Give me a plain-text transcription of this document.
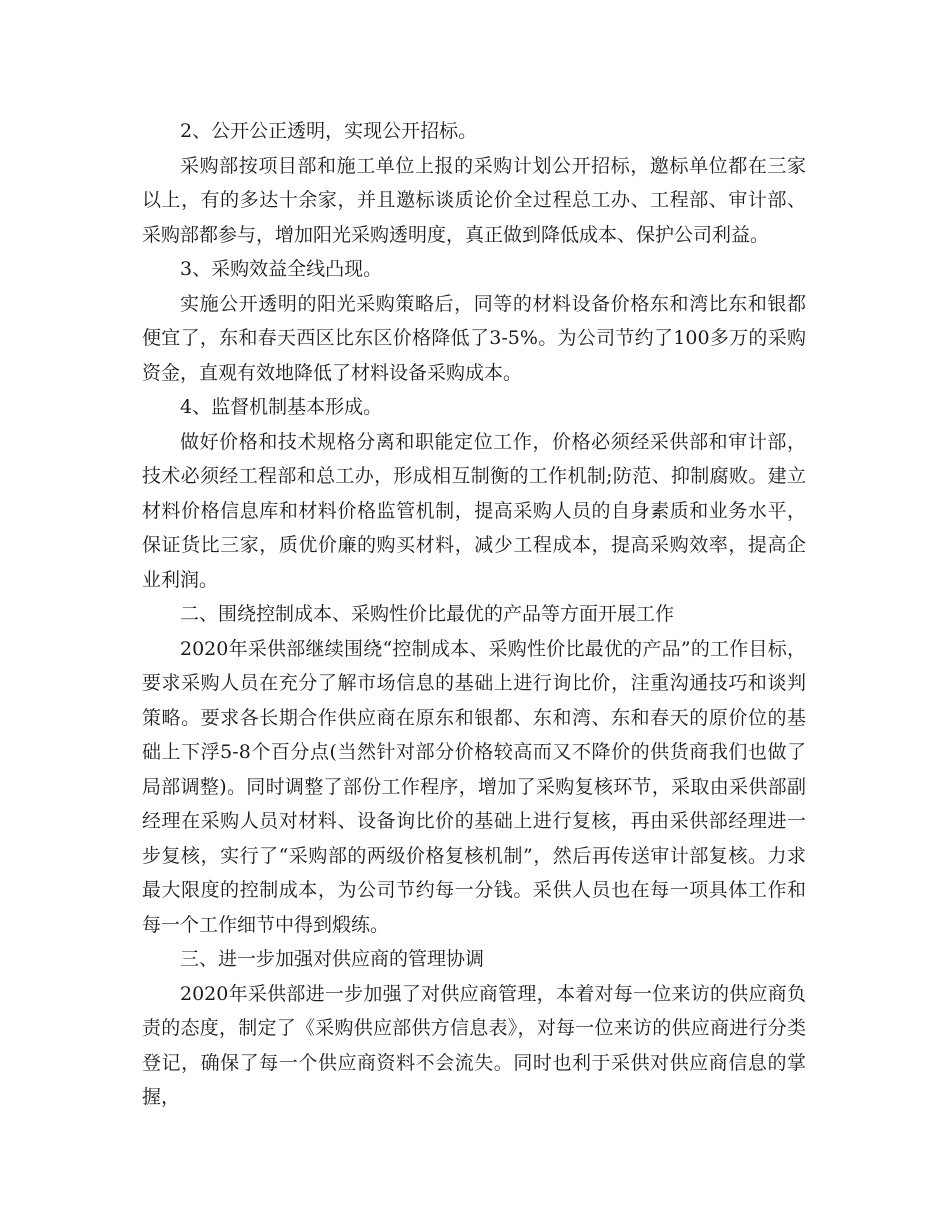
2、公开公正透明，实现公开招标。

采购部按项目部和施工单位上报的采购计划公开招标，邀标单位都在三家以上，有的多达十余家，并且邀标谈质论价全过程总工办、工程部、审计部、采购部都参与，增加阳光采购透明度，真正做到降低成本、保护公司利益。

3、采购效益全线凸现。

实施公开透明的阳光采购策略后，同等的材料设备价格东和湾比东和银都便宜了，东和春天西区比东区价格降低了3-5%。为公司节约了100多万的采购资金，直观有效地降低了材料设备采购成本。

4、监督机制基本形成。

做好价格和技术规格分离和职能定位工作，价格必须经采供部和审计部，技术必须经工程部和总工办，形成相互制衡的工作机制;防范、抑制腐败。建立材料价格信息库和材料价格监管机制，提高采购人员的自身素质和业务水平，保证货比三家，质优价廉的购买材料，减少工程成本，提高采购效率，提高企业利润。

二、围绕控制成本、采购性价比最优的产品等方面开展工作

2020年采供部继续围绕“控制成本、采购性价比最优的产品”的工作目标，要求采购人员在充分了解市场信息的基础上进行询比价，注重沟通技巧和谈判策略。要求各长期合作供应商在原东和银都、东和湾、东和春天的原价位的基础上下浮5-8个百分点(当然针对部分价格较高而又不降价的供货商我们也做了局部调整)。同时调整了部份工作程序，增加了采购复核环节，采取由采供部副经理在采购人员对材料、设备询比价的基础上进行复核，再由采供部经理进一步复核，实行了“采购部的两级价格复核机制”，然后再传送审计部复核。力求最大限度的控制成本，为公司节约每一分钱。采供人员也在每一项具体工作和每一个工作细节中得到煅练。

三、进一步加强对供应商的管理协调

2020年采供部进一步加强了对供应商管理，本着对每一位来访的供应商负责的态度，制定了《采购供应部供方信息表》，对每一位来访的供应商进行分类登记，确保了每一个供应商资料不会流失。同时也利于采供对供应商信息的掌握，
